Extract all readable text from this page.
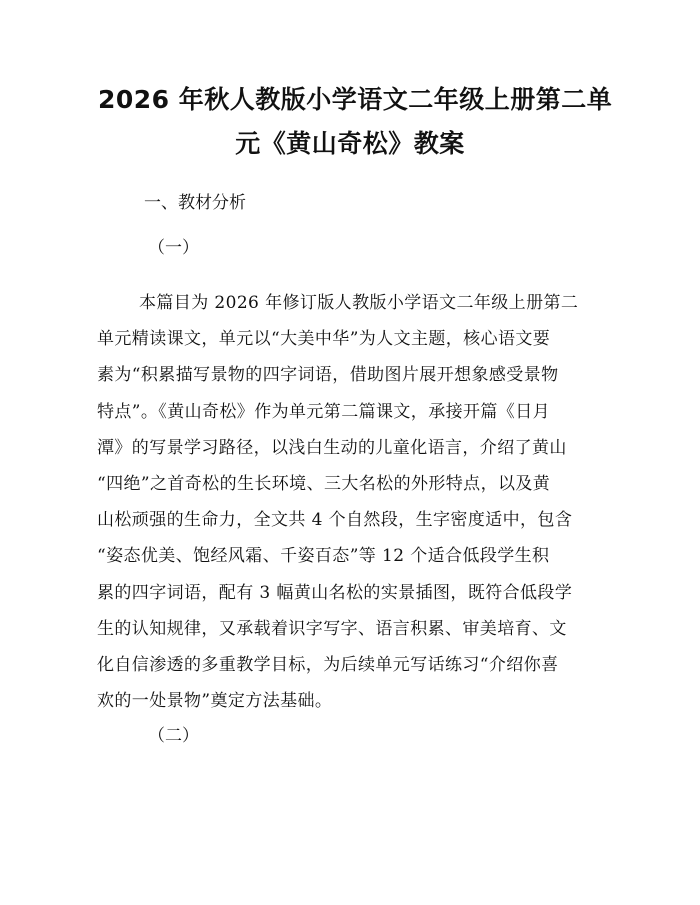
2026 年秋人教版小学语文二年级上册第二单
元《黄山奇松》教案
一、教材分析
（一）
本篇目为 2026 年修订版人教版小学语文二年级上册第二
单元精读课文，单元以“大美中华”为人文主题，核心语文要
素为“积累描写景物的四字词语，借助图片展开想象感受景物
特点”。《黄山奇松》作为单元第二篇课文，承接开篇《日月
潭》的写景学习路径，以浅白生动的儿童化语言，介绍了黄山
“四绝”之首奇松的生长环境、三大名松的外形特点，以及黄
山松顽强的生命力，全文共 4 个自然段，生字密度适中，包含
“姿态优美、饱经风霜、千姿百态”等 12 个适合低段学生积
累的四字词语，配有 3 幅黄山名松的实景插图，既符合低段学
生的认知规律，又承载着识字写字、语言积累、审美培育、文
化自信渗透的多重教学目标，为后续单元写话练习“介绍你喜
欢的一处景物”奠定方法基础。
（二）
